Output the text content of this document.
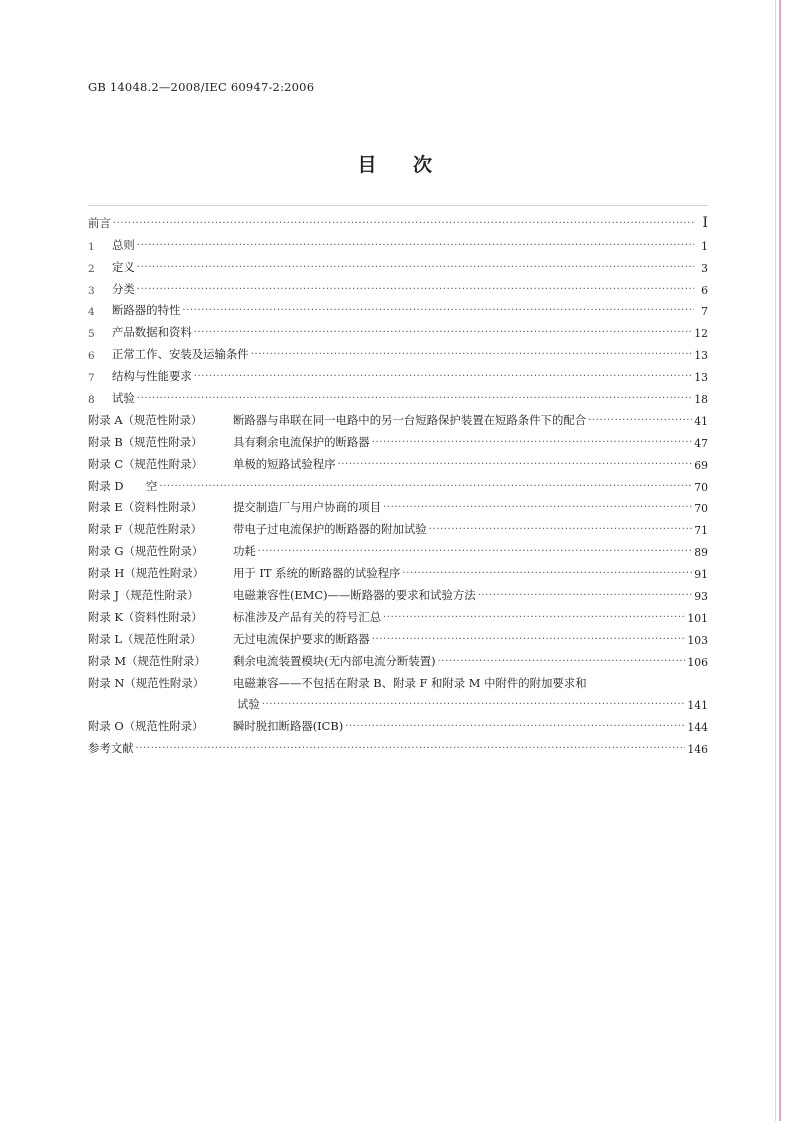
GB 14048.2—2008/IEC 60947-2:2006
目 次
前言 ·····	I
1	总则 ·····	1
2	定义 ·····	3
3	分类 ·····	6
4	断路器的特性 ·····	7
5	产品数据和资料 ·····	12
6	正常工作、安装及运输条件 ·····	13
7	结构与性能要求 ·····	13
8	试验 ·····	18
附录 A（规范性附录）	断路器与串联在同一电路中的另一台短路保护装置在短路条件下的配合 ·····	41
附录 B（规范性附录）	具有剩余电流保护的断路器 ·····	47
附录 C（规范性附录）	单极的短路试验程序 ·····	69
附录 D	空 ·····	70
附录 E（资料性附录）	提交制造厂与用户协商的项目 ·····	70
附录 F（规范性附录）	带电子过电流保护的断路器的附加试验 ·····	71
附录 G（规范性附录）	功耗 ·····	89
附录 H（规范性附录）	用于 IT 系统的断路器的试验程序 ·····	91
附录 J（规范性附录）	电磁兼容性(EMC)——断路器的要求和试验方法 ·····	93
附录 K（资料性附录）	标准涉及产品有关的符号汇总 ·····	101
附录 L（规范性附录）	无过电流保护要求的断路器 ·····	103
附录 M（规范性附录）	剩余电流装置模块(无内部电流分断装置) ·····	106
附录 N（规范性附录）	电磁兼容——不包括在附录 B、附录 F 和附录 M 中附件的附加要求和
试验 ·····	141
附录 O（规范性附录）	瞬时脱扣断路器(ICB) ·····	144
参考文献 ·····	146
